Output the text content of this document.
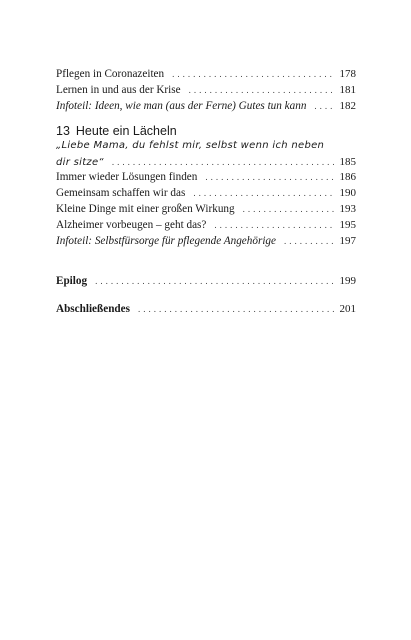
Pflegen in Coronazeiten .....	178
Lernen in und aus der Krise .....	181
Infoteil: Ideen, wie man (aus der Ferne) Gutes tun kann .....	182
13 Heute ein Lächeln
„Liebe Mama, du fehlst mir, selbst wenn ich neben
dir sitze“ .....	185
Immer wieder Lösungen finden .....	186
Gemeinsam schaffen wir das .....	190
Kleine Dinge mit einer großen Wirkung .....	193
Alzheimer vorbeugen – geht das? .....	195
Infoteil: Selbstfürsorge für pflegende Angehörige .....	197
Epilog .....	199
Abschließendes .....	201
